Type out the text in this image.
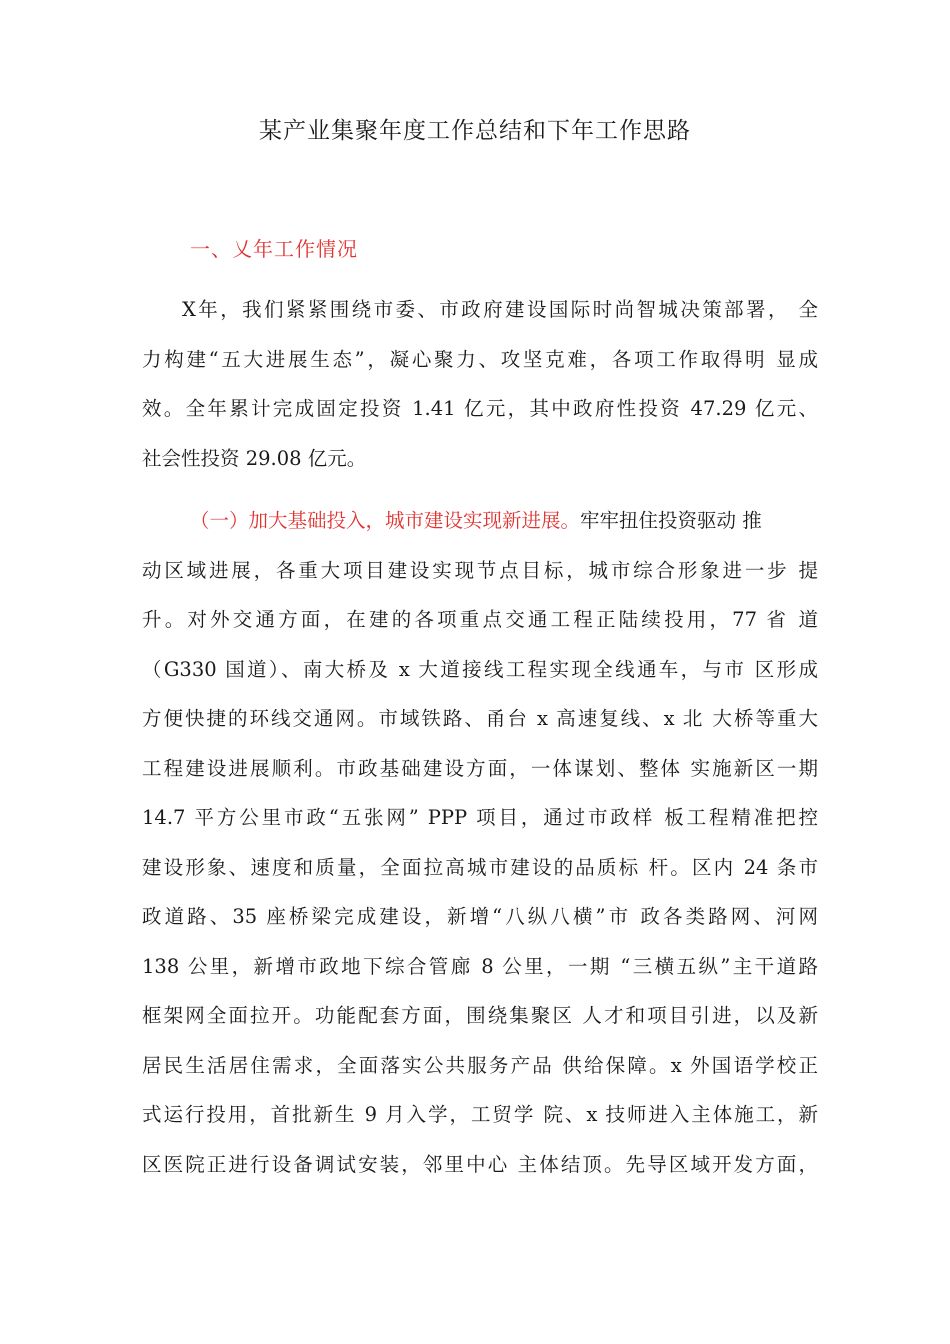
某产业集聚年度工作总结和下年工作思路
一、乂年工作情况
X年，我们紧紧围绕市委、市政府建设国际时尚智城决策部署， 全
力构建“五大进展生态”，凝心聚力、攻坚克难，各项工作取得明 显成
效。全年累计完成固定投资 1.41 亿元，其中政府性投资 47.29 亿元、
社会性投资 29.08 亿元。
（一）加大基础投入，城市建设实现新进展。牢牢扭住投资驱动 推
动区域进展，各重大项目建设实现节点目标，城市综合形象进一步 提
升。对外交通方面，在建的各项重点交通工程正陆续投用，77 省 道
（G330 国道）、南大桥及 x 大道接线工程实现全线通车，与市 区形成
方便快捷的环线交通网。市域铁路、甬台 x 高速复线、x 北 大桥等重大
工程建设进展顺利。市政基础建设方面，一体谋划、整体 实施新区一期
14.7 平方公里市政“五张网” PPP 项目，通过市政样 板工程精准把控
建设形象、速度和质量，全面拉高城市建设的品质标 杆。区内 24 条市
政道路、35 座桥梁完成建设，新增“八纵八横”市 政各类路网、河网
138 公里，新增市政地下综合管廊 8 公里，一期 “三横五纵”主干道路
框架网全面拉开。功能配套方面，围绕集聚区 人才和项目引进，以及新
居民生活居住需求，全面落实公共服务产品 供给保障。x 外国语学校正
式运行投用，首批新生 9 月入学，工贸学 院、x 技师进入主体施工，新
区医院正进行设备调试安装，邻里中心 主体结顶。先导区域开发方面，
